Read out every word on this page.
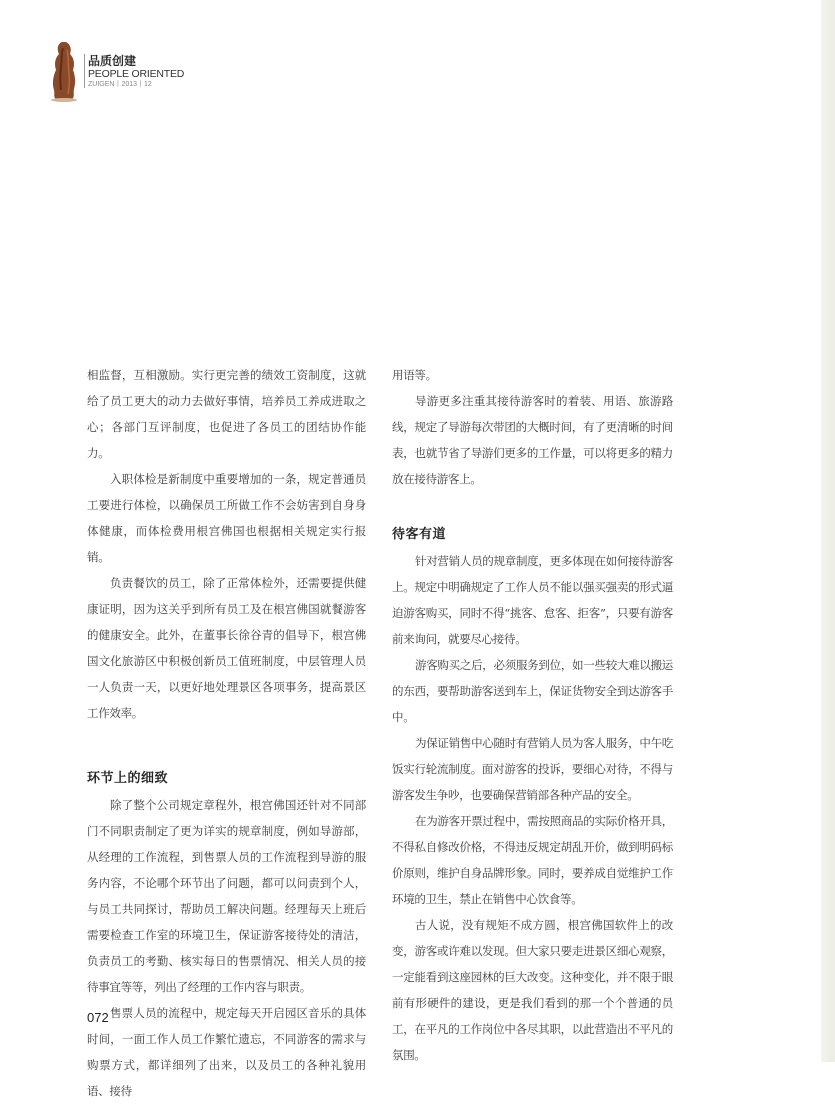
品质创建
PEOPLE ORIENTED
ZUIGEN丨2013丨12

相监督，互相激励。实行更完善的绩效工资制度，这就给了员工更大的动力去做好事情，培养员工养成进取之心；各部门互评制度，也促进了各员工的团结协作能力。

入职体检是新制度中重要增加的一条，规定普通员工要进行体检，以确保员工所做工作不会妨害到自身身体健康，而体检费用根宫佛国也根据相关规定实行报销。

负责餐饮的员工，除了正常体检外，还需要提供健康证明，因为这关乎到所有员工及在根宫佛国就餐游客的健康安全。此外，在董事长徐谷青的倡导下，根宫佛国文化旅游区中积极创新员工值班制度，中层管理人员一人负责一天，以更好地处理景区各项事务，提高景区工作效率。

环节上的细致

除了整个公司规定章程外，根宫佛国还针对不同部门不同职责制定了更为详实的规章制度，例如导游部，从经理的工作流程，到售票人员的工作流程到导游的服务内容，不论哪个环节出了问题，都可以问责到个人，与员工共同探讨，帮助员工解决问题。经理每天上班后需要检查工作室的环境卫生，保证游客接待处的清洁，负责员工的考勤、核实每日的售票情况、相关人员的接待事宜等等，列出了经理的工作内容与职责。

售票人员的流程中，规定每天开启园区音乐的具体时间，一面工作人员工作繁忙遗忘，不同游客的需求与购票方式，都详细列了出来，以及员工的各种礼貌用语、接待

用语等。

导游更多注重其接待游客时的着装、用语、旅游路线，规定了导游每次带团的大概时间，有了更清晰的时间表，也就节省了导游们更多的工作量，可以将更多的精力放在接待游客上。

待客有道

针对营销人员的规章制度，更多体现在如何接待游客上。规定中明确规定了工作人员不能以强买强卖的形式逼迫游客购买，同时不得“挑客、怠客、拒客”，只要有游客前来询问，就要尽心接待。

游客购买之后，必须服务到位，如一些较大难以搬运的东西，要帮助游客送到车上，保证货物安全到达游客手中。

为保证销售中心随时有营销人员为客人服务，中午吃饭实行轮流制度。面对游客的投诉，要细心对待，不得与游客发生争吵，也要确保营销部各种产品的安全。

在为游客开票过程中，需按照商品的实际价格开具，不得私自修改价格，不得违反规定胡乱开价，做到明码标价原则，维护自身品牌形象。同时，要养成自觉维护工作环境的卫生，禁止在销售中心饮食等。

古人说，没有规矩不成方圆，根宫佛国软件上的改变，游客或许难以发现。但大家只要走进景区细心观察，一定能看到这座园林的巨大改变。这种变化，并不限于眼前有形硬件的建设，更是我们看到的那一个个普通的员工，在平凡的工作岗位中各尽其职，以此营造出不平凡的氛围。

072
